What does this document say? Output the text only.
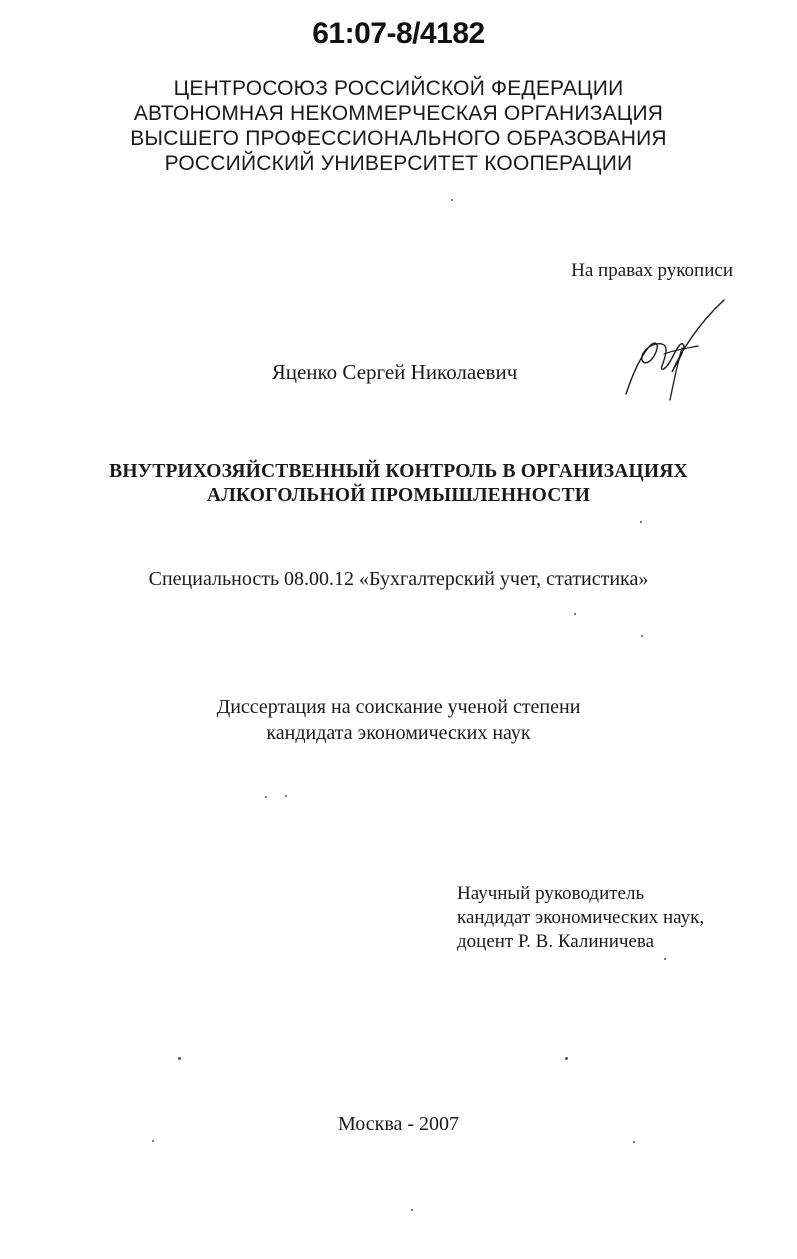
61:07-8/4182
ЦЕНТРОСОЮЗ РОССИЙСКОЙ ФЕДЕРАЦИИ
АВТОНОМНАЯ НЕКОММЕРЧЕСКАЯ ОРГАНИЗАЦИЯ
ВЫСШЕГО ПРОФЕССИОНАЛЬНОГО ОБРАЗОВАНИЯ
РОССИЙСКИЙ УНИВЕРСИТЕТ КООПЕРАЦИИ
На правах рукописи
Яценко Сергей Николаевич
ВНУТРИХОЗЯЙСТВЕННЫЙ КОНТРОЛЬ В ОРГАНИЗАЦИЯХ
АЛКОГОЛЬНОЙ ПРОМЫШЛЕННОСТИ
Специальность 08.00.12 «Бухгалтерский учет, статистика»
Диссертация на соискание ученой степени
кандидата экономических наук
Научный руководитель
кандидат экономических наук,
доцент Р. В. Калиничева
Москва - 2007
